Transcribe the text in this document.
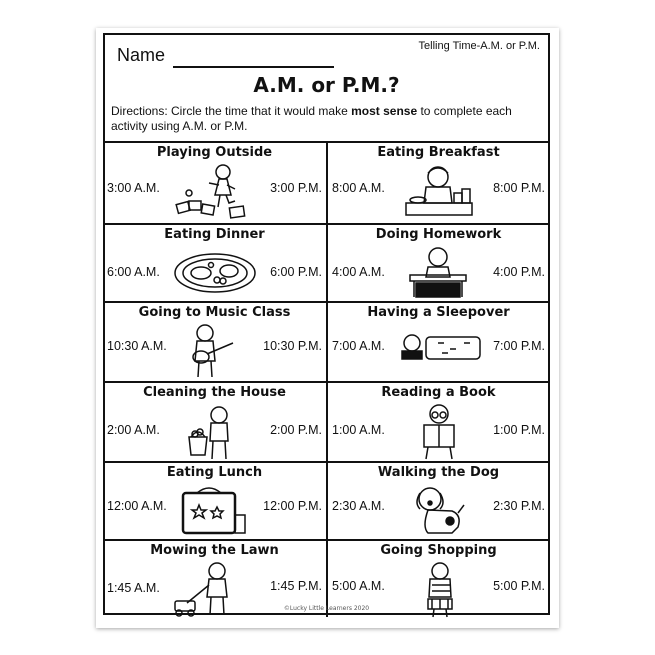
Name	Telling Time-A.M. or P.M.
A.M. or P.M.?
Directions: Circle the time that it would make most sense to complete each activity using A.M. or P.M.
Playing Outside
3:00 A.M.	3:00 P.M.
Eating Breakfast
8:00 A.M.	8:00 P.M.
Eating Dinner
6:00 A.M.	6:00 P.M.
Doing Homework
4:00 A.M.	4:00 P.M.
Going to Music Class
10:30 A.M.	10:30 P.M.
Having a Sleepover
7:00 A.M.	7:00 P.M.
Cleaning the House
2:00 A.M.	2:00 P.M.
Reading a Book
1:00 A.M.	1:00 P.M.
Eating Lunch
12:00 A.M.	12:00 P.M.
Walking the Dog
2:30 A.M.	2:30 P.M.
Mowing the Lawn
1:45 A.M.	1:45 P.M.
Going Shopping
5:00 A.M.	5:00 P.M.
©Lucky Little Learners 2020
